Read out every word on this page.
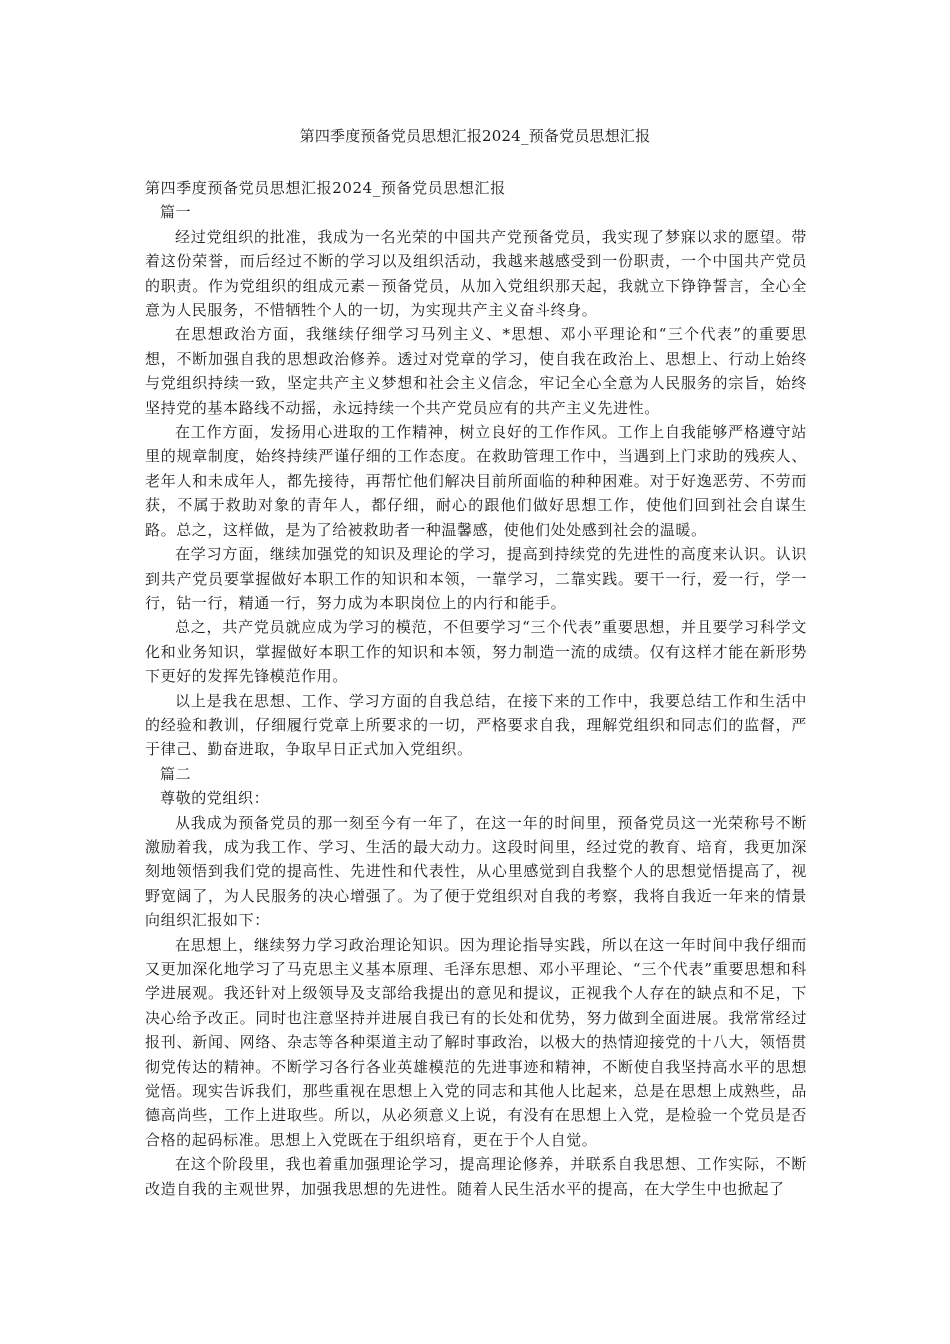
第四季度预备党员思想汇报2024_预备党员思想汇报

第四季度预备党员思想汇报2024_预备党员思想汇报

篇一

经过党组织的批准，我成为一名光荣的中国共产党预备党员，我实现了梦寐以求的愿望。带着这份荣誉，而后经过不断的学习以及组织活动，我越来越感受到一份职责，一个中国共产党员的职责。作为党组织的组成元素－预备党员，从加入党组织那天起，我就立下铮铮誓言，全心全意为人民服务，不惜牺牲个人的一切，为实现共产主义奋斗终身。

在思想政治方面，我继续仔细学习马列主义、*思想、邓小平理论和“三个代表”的重要思想，不断加强自我的思想政治修养。透过对党章的学习，使自我在政治上、思想上、行动上始终与党组织持续一致，坚定共产主义梦想和社会主义信念，牢记全心全意为人民服务的宗旨，始终坚持党的基本路线不动摇，永远持续一个共产党员应有的共产主义先进性。

在工作方面，发扬用心进取的工作精神，树立良好的工作作风。工作上自我能够严格遵守站里的规章制度，始终持续严谨仔细的工作态度。在救助管理工作中，当遇到上门求助的残疾人、老年人和未成年人，都先接待，再帮忙他们解决目前所面临的种种困难。对于好逸恶劳、不劳而获，不属于救助对象的青年人，都仔细，耐心的跟他们做好思想工作，使他们回到社会自谋生路。总之，这样做，是为了给被救助者一种温馨感，使他们处处感到社会的温暖。

在学习方面，继续加强党的知识及理论的学习，提高到持续党的先进性的高度来认识。认识到共产党员要掌握做好本职工作的知识和本领，一靠学习，二靠实践。要干一行，爱一行，学一行，钻一行，精通一行，努力成为本职岗位上的内行和能手。

总之，共产党员就应成为学习的模范，不但要学习“三个代表”重要思想，并且要学习科学文化和业务知识，掌握做好本职工作的知识和本领，努力制造一流的成绩。仅有这样才能在新形势下更好的发挥先锋模范作用。

以上是我在思想、工作、学习方面的自我总结，在接下来的工作中，我要总结工作和生活中的经验和教训，仔细履行党章上所要求的一切，严格要求自我，理解党组织和同志们的监督，严于律己、勤奋进取，争取早日正式加入党组织。

篇二

尊敬的党组织：

从我成为预备党员的那一刻至今有一年了，在这一年的时间里，预备党员这一光荣称号不断激励着我，成为我工作、学习、生活的最大动力。这段时间里，经过党的教育、培育，我更加深刻地领悟到我们党的提高性、先进性和代表性，从心里感觉到自我整个人的思想觉悟提高了，视野宽阔了，为人民服务的决心增强了。为了便于党组织对自我的考察，我将自我近一年来的情景向组织汇报如下：

在思想上，继续努力学习政治理论知识。因为理论指导实践，所以在这一年时间中我仔细而又更加深化地学习了马克思主义基本原理、毛泽东思想、邓小平理论、“三个代表”重要思想和科学进展观。我还针对上级领导及支部给我提出的意见和提议，正视我个人存在的缺点和不足，下决心给予改正。同时也注意坚持并进展自我已有的长处和优势，努力做到全面进展。我常常经过报刊、新闻、网络、杂志等各种渠道主动了解时事政治，以极大的热情迎接党的十八大，领悟贯彻党传达的精神。不断学习各行各业英雄模范的先进事迹和精神，不断使自我坚持高水平的思想觉悟。现实告诉我们，那些重视在思想上入党的同志和其他人比起来，总是在思想上成熟些，品德高尚些，工作上进取些。所以，从必须意义上说，有没有在思想上入党，是检验一个党员是否合格的起码标准。思想上入党既在于组织培育，更在于个人自觉。

在这个阶段里，我也着重加强理论学习，提高理论修养，并联系自我思想、工作实际，不断改造自我的主观世界，加强我思想的先进性。随着人民生活水平的提高，在大学生中也掀起了
